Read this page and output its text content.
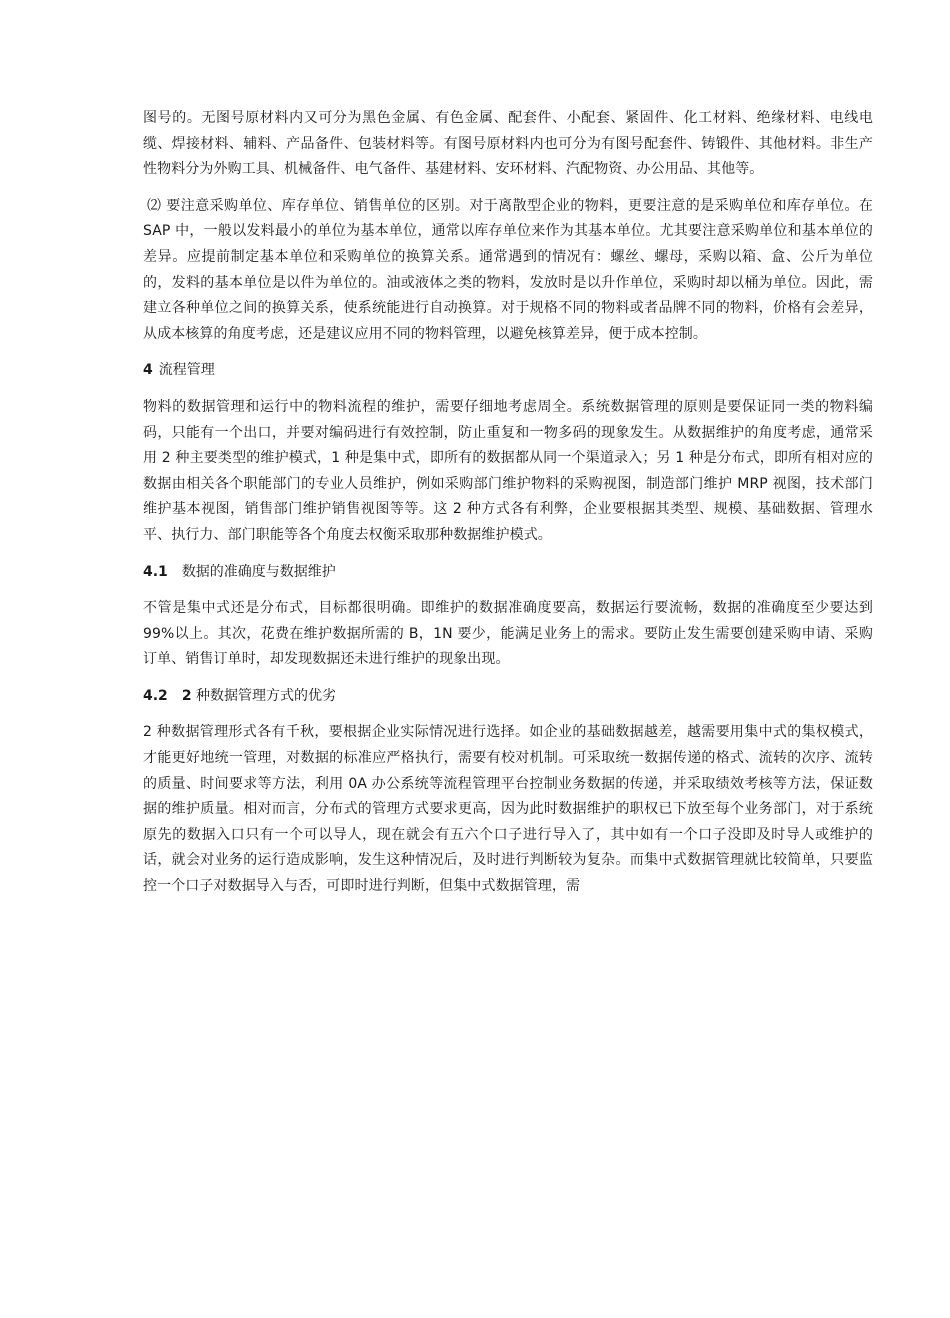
图号的。无图号原材料内又可分为黑色金属、有色金属、配套件、小配套、紧固件、化工材料、绝缘材料、电线电缆、焊接材料、辅料、产品备件、包装材料等。有图号原材料内也可分为有图号配套件、铸锻件、其他材料。非生产性物料分为外购工具、机械备件、电气备件、基建材料、安环材料、汽配物资、办公用品、其他等。

⑵ 要注意采购单位、库存单位、销售单位的区别。对于离散型企业的物料，更要注意的是采购单位和库存单位。在 SAP 中，一般以发料最小的单位为基本单位，通常以库存单位来作为其基本单位。尤其要注意采购单位和基本单位的差异。应提前制定基本单位和采购单位的换算关系。通常遇到的情况有：螺丝、螺母，采购以箱、盒、公斤为单位的，发料的基本单位是以件为单位的。油或液体之类的物料，发放时是以升作单位，采购时却以桶为单位。因此，需建立各种单位之间的换算关系，使系统能进行自动换算。对于规格不同的物料或者品牌不同的物料，价格有会差异，从成本核算的角度考虑，还是建议应用不同的物料管理，以避免核算差异，便于成本控制。

4 流程管理

物料的数据管理和运行中的物料流程的维护，需要仔细地考虑周全。系统数据管理的原则是要保证同一类的物料编码，只能有一个出口，并要对编码进行有效控制，防止重复和一物多码的现象发生。从数据维护的角度考虑，通常采用 2 种主要类型的维护模式，1 种是集中式，即所有的数据都从同一个渠道录入；另 1 种是分布式，即所有相对应的数据由相关各个职能部门的专业人员维护，例如采购部门维护物料的采购视图，制造部门维护 MRP 视图，技术部门维护基本视图，销售部门维护销售视图等等。这 2 种方式各有利弊，企业要根据其类型、规模、基础数据、管理水平、执行力、部门职能等各个角度去权衡采取那种数据维护模式。

4.1 数据的准确度与数据维护

不管是集中式还是分布式，目标都很明确。即维护的数据准确度要高，数据运行要流畅，数据的准确度至少要达到 99%以上。其次，花费在维护数据所需的 B，1N 要少，能满足业务上的需求。要防止发生需要创建采购申请、采购订单、销售订单时，却发现数据还未进行维护的现象出现。

4.2 2 种数据管理方式的优劣

2 种数据管理形式各有千秋，要根据企业实际情况进行选择。如企业的基础数据越差，越需要用集中式的集权模式，才能更好地统一管理，对数据的标准应严格执行，需要有校对机制。可采取统一数据传递的格式、流转的次序、流转的质量、时间要求等方法，利用 0A 办公系统等流程管理平台控制业务数据的传递，并采取绩效考核等方法，保证数据的维护质量。相对而言，分布式的管理方式要求更高，因为此时数据维护的职权已下放至每个业务部门，对于系统原先的数据入口只有一个可以导人，现在就会有五六个口子进行导入了，其中如有一个口子没即及时导人或维护的话，就会对业务的运行造成影响，发生这种情况后，及时进行判断较为复杂。而集中式数据管理就比较简单，只要监控一个口子对数据导入与否，可即时进行判断，但集中式数据管理，需
